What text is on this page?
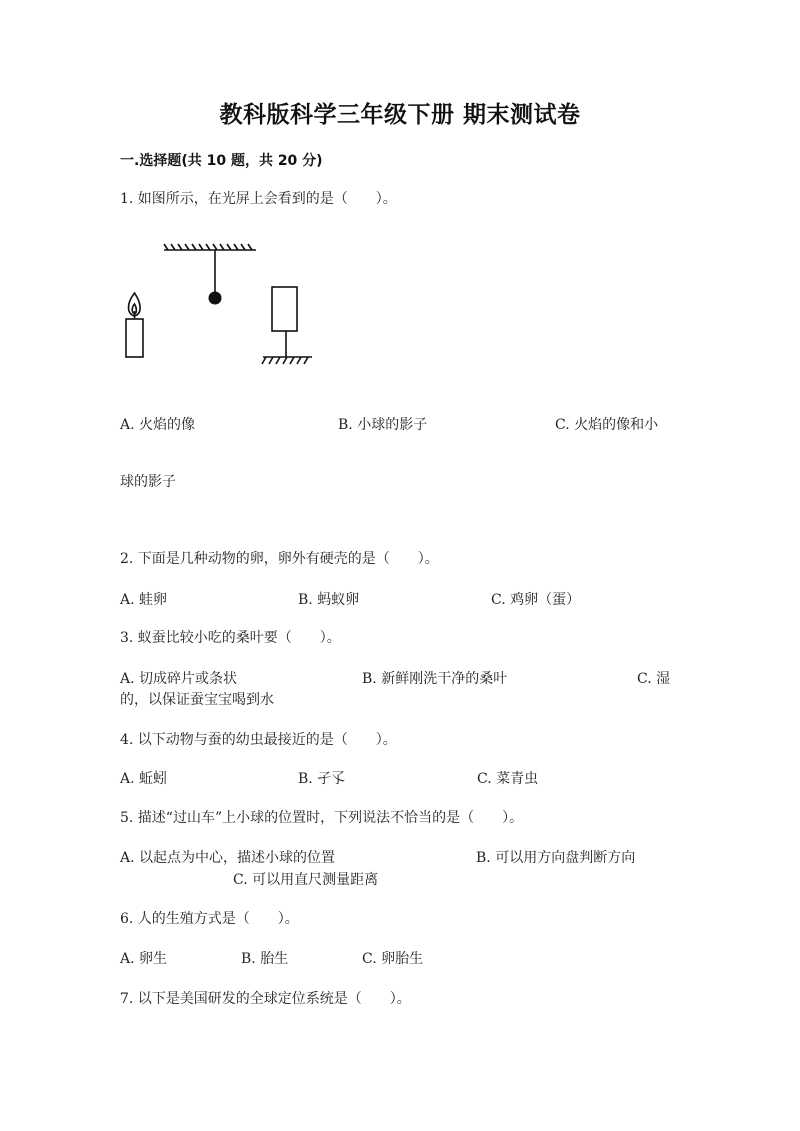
教科版科学三年级下册 期末测试卷
一.选择题(共 10 题，共 20 分)
1. 如图所示，在光屏上会看到的是（　　）。
A. 火焰的像	B. 小球的影子	C. 火焰的像和小
球的影子
2. 下面是几种动物的卵，卵外有硬壳的是（　　）。
A. 蛙卵	B. 蚂蚁卵	C. 鸡卵（蛋）
3. 蚁蚕比较小吃的桑叶要（　　）。
A. 切成碎片或条状	B. 新鲜刚洗干净的桑叶	C. 湿
的，以保证蚕宝宝喝到水
4. 以下动物与蚕的幼虫最接近的是（　　）。
A. 蚯蚓	B. 孑孓	C. 菜青虫
5. 描述“过山车”上小球的位置时，下列说法不恰当的是（　　）。
A. 以起点为中心，描述小球的位置	B. 可以用方向盘判断方向
C. 可以用直尺测量距离
6. 人的生殖方式是（　　）。
A. 卵生	B. 胎生	C. 卵胎生
7. 以下是美国研发的全球定位系统是（　　）。
